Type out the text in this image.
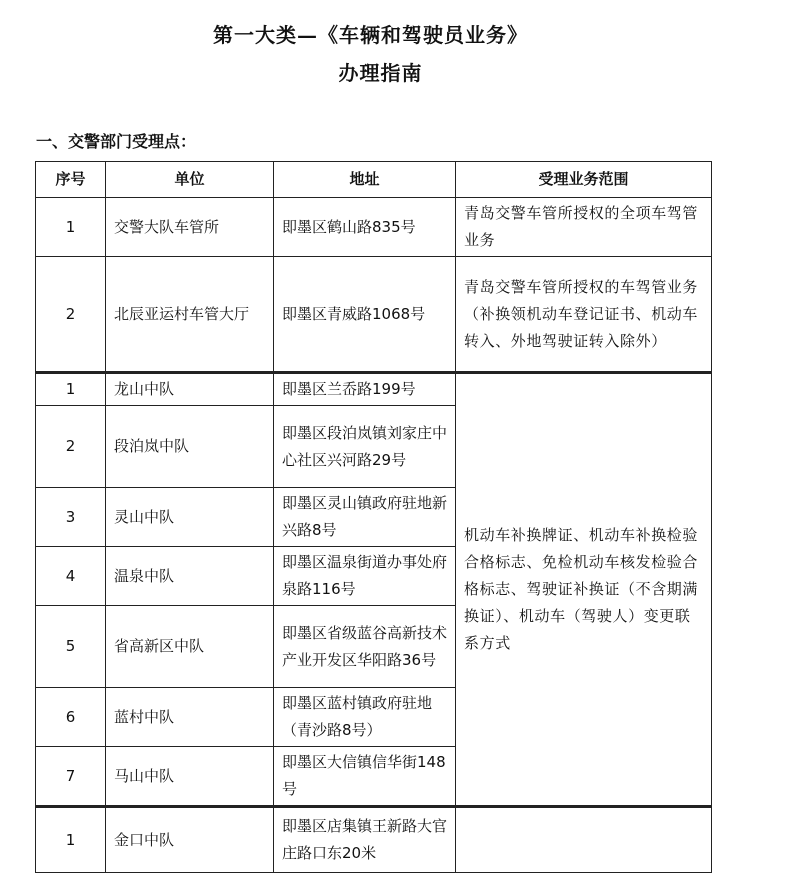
第一大类—《车辆和驾驶员业务》
办理指南
一、交警部门受理点：
序号	单位	地址	受理业务范围
1	交警大队车管所	即墨区鹤山路835号	青岛交警车管所授权的全项车驾管业务
2	北辰亚运村车管大厅	即墨区青威路1068号	青岛交警车管所授权的车驾管业务（补换领机动车登记证书、机动车转入、外地驾驶证转入除外）
1	龙山中队	即墨区兰岙路199号	机动车补换牌证、机动车补换检验合格标志、免检机动车核发检验合格标志、驾驶证补换证（不含期满换证）、机动车（驾驶人）变更联系方式
2	段泊岚中队	即墨区段泊岚镇刘家庄中心社区兴河路29号	
3	灵山中队	即墨区灵山镇政府驻地新兴路8号	
4	温泉中队	即墨区温泉街道办事处府泉路116号	
5	省高新区中队	即墨区省级蓝谷高新技术产业开发区华阳路36号	
6	蓝村中队	即墨区蓝村镇政府驻地（青沙路8号）	
7	马山中队	即墨区大信镇信华街148号	
1	金口中队	即墨区店集镇王新路大官庄路口东20米	
